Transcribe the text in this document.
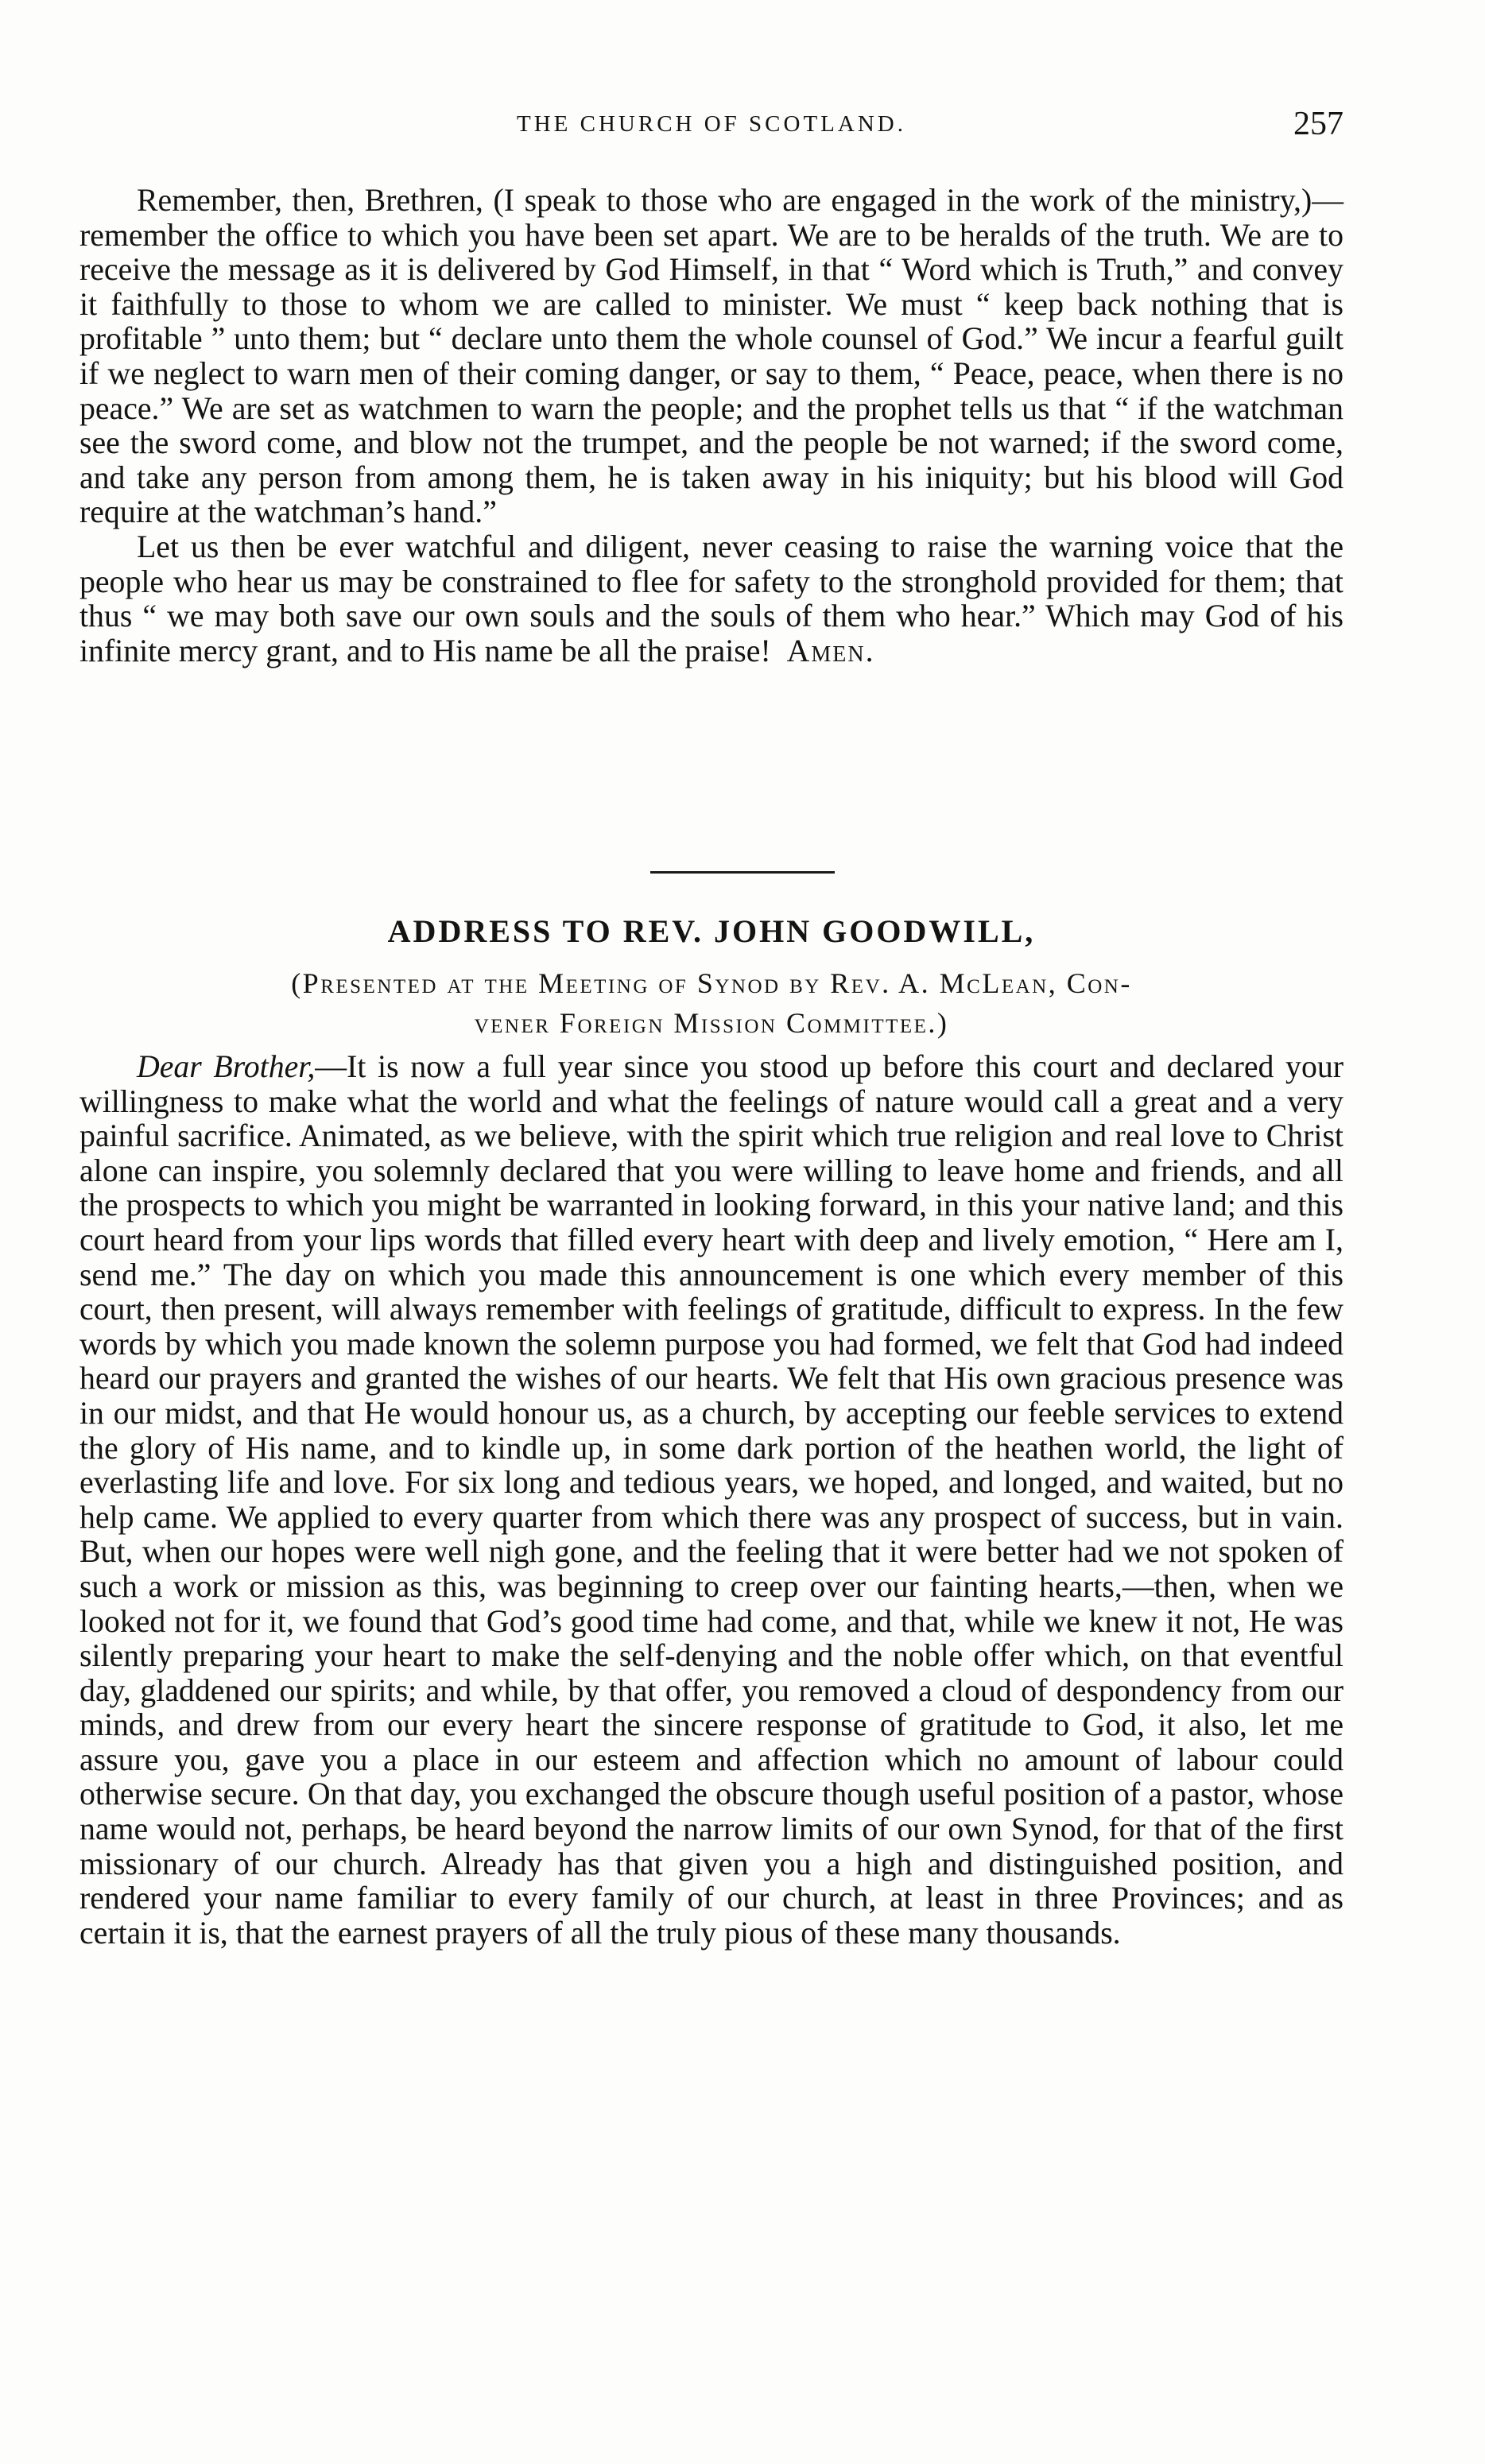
THE CHURCH OF SCOTLAND.	257

Remember, then, Brethren, (I speak to those who are engaged in the work of the ministry,)—remember the office to which you have been set apart. We are to be heralds of the truth. We are to receive the message as it is delivered by God Himself, in that “ Word which is Truth,” and convey it faithfully to those to whom we are called to minister. We must “ keep back nothing that is profitable ” unto them; but “ declare unto them the whole counsel of God.” We incur a fearful guilt if we neglect to warn men of their coming danger, or say to them, “ Peace, peace, when there is no peace.” We are set as watchmen to warn the people; and the prophet tells us that “ if the watchman see the sword come, and blow not the trumpet, and the people be not warned; if the sword come, and take any person from among them, he is taken away in his iniquity; but his blood will God require at the watchman’s hand.”

Let us then be ever watchful and diligent, never ceasing to raise the warning voice that the people who hear us may be constrained to flee for safety to the stronghold provided for them; that thus “ we may both save our own souls and the souls of them who hear.” Which may God of his infinite mercy grant, and to His name be all the praise! Amen.

ADDRESS TO REV. JOHN GOODWILL,
(Presented at the Meeting of Synod by Rev. A. McLean, Con-
vener Foreign Mission Committee.)

Dear Brother,—It is now a full year since you stood up before this court and declared your willingness to make what the world and what the feelings of nature would call a great and a very painful sacrifice. Animated, as we believe, with the spirit which true religion and real love to Christ alone can inspire, you solemnly declared that you were willing to leave home and friends, and all the prospects to which you might be warranted in looking forward, in this your native land; and this court heard from your lips words that filled every heart with deep and lively emotion, “ Here am I, send me.” The day on which you made this announcement is one which every member of this court, then present, will always remember with feelings of gratitude, difficult to express. In the few words by which you made known the solemn purpose you had formed, we felt that God had indeed heard our prayers and granted the wishes of our hearts. We felt that His own gracious presence was in our midst, and that He would honour us, as a church, by accepting our feeble services to extend the glory of His name, and to kindle up, in some dark portion of the heathen world, the light of everlasting life and love. For six long and tedious years, we hoped, and longed, and waited, but no help came. We applied to every quarter from which there was any prospect of success, but in vain. But, when our hopes were well nigh gone, and the feeling that it were better had we not spoken of such a work or mission as this, was beginning to creep over our fainting hearts,—then, when we looked not for it, we found that God’s good time had come, and that, while we knew it not, He was silently preparing your heart to make the self-denying and the noble offer which, on that eventful day, gladdened our spirits; and while, by that offer, you removed a cloud of despondency from our minds, and drew from our every heart the sincere response of gratitude to God, it also, let me assure you, gave you a place in our esteem and affection which no amount of labour could otherwise secure. On that day, you exchanged the obscure though useful position of a pastor, whose name would not, perhaps, be heard beyond the narrow limits of our own Synod, for that of the first missionary of our church. Already has that given you a high and distinguished position, and rendered your name familiar to every family of our church, at least in three Provinces; and as certain it is, that the earnest prayers of all the truly pious of these many thousands.
